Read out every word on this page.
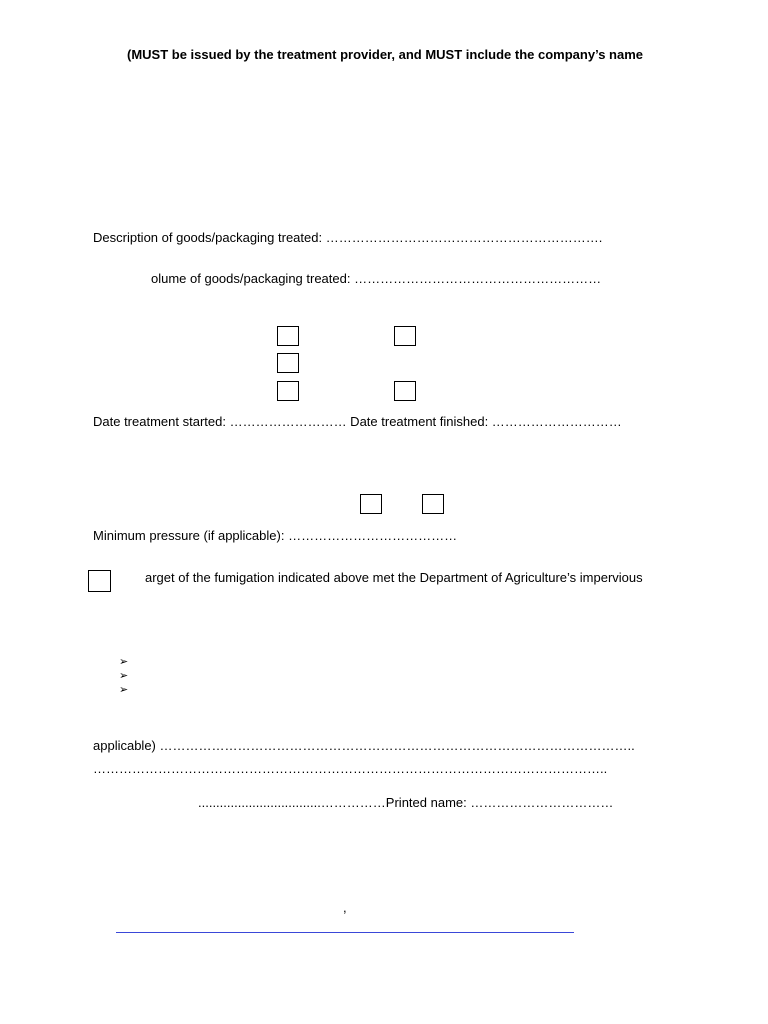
(MUST be issued by the treatment provider, and MUST include the company’s name
Description of goods/packaging treated: ……………………………………………………….
olume of goods/packaging treated: …………………………………………………
Date treatment started: ……………………… Date treatment finished: …………………………
Minimum pressure (if applicable): …………………………………
arget of the fumigation indicated above met the Department of Agriculture’s impervious
➢
➢
➢
applicable) ………………………………………………………………………………………………..
………………………………………………………………………………………………………..
..................................……………Printed name: ……………………………
,
